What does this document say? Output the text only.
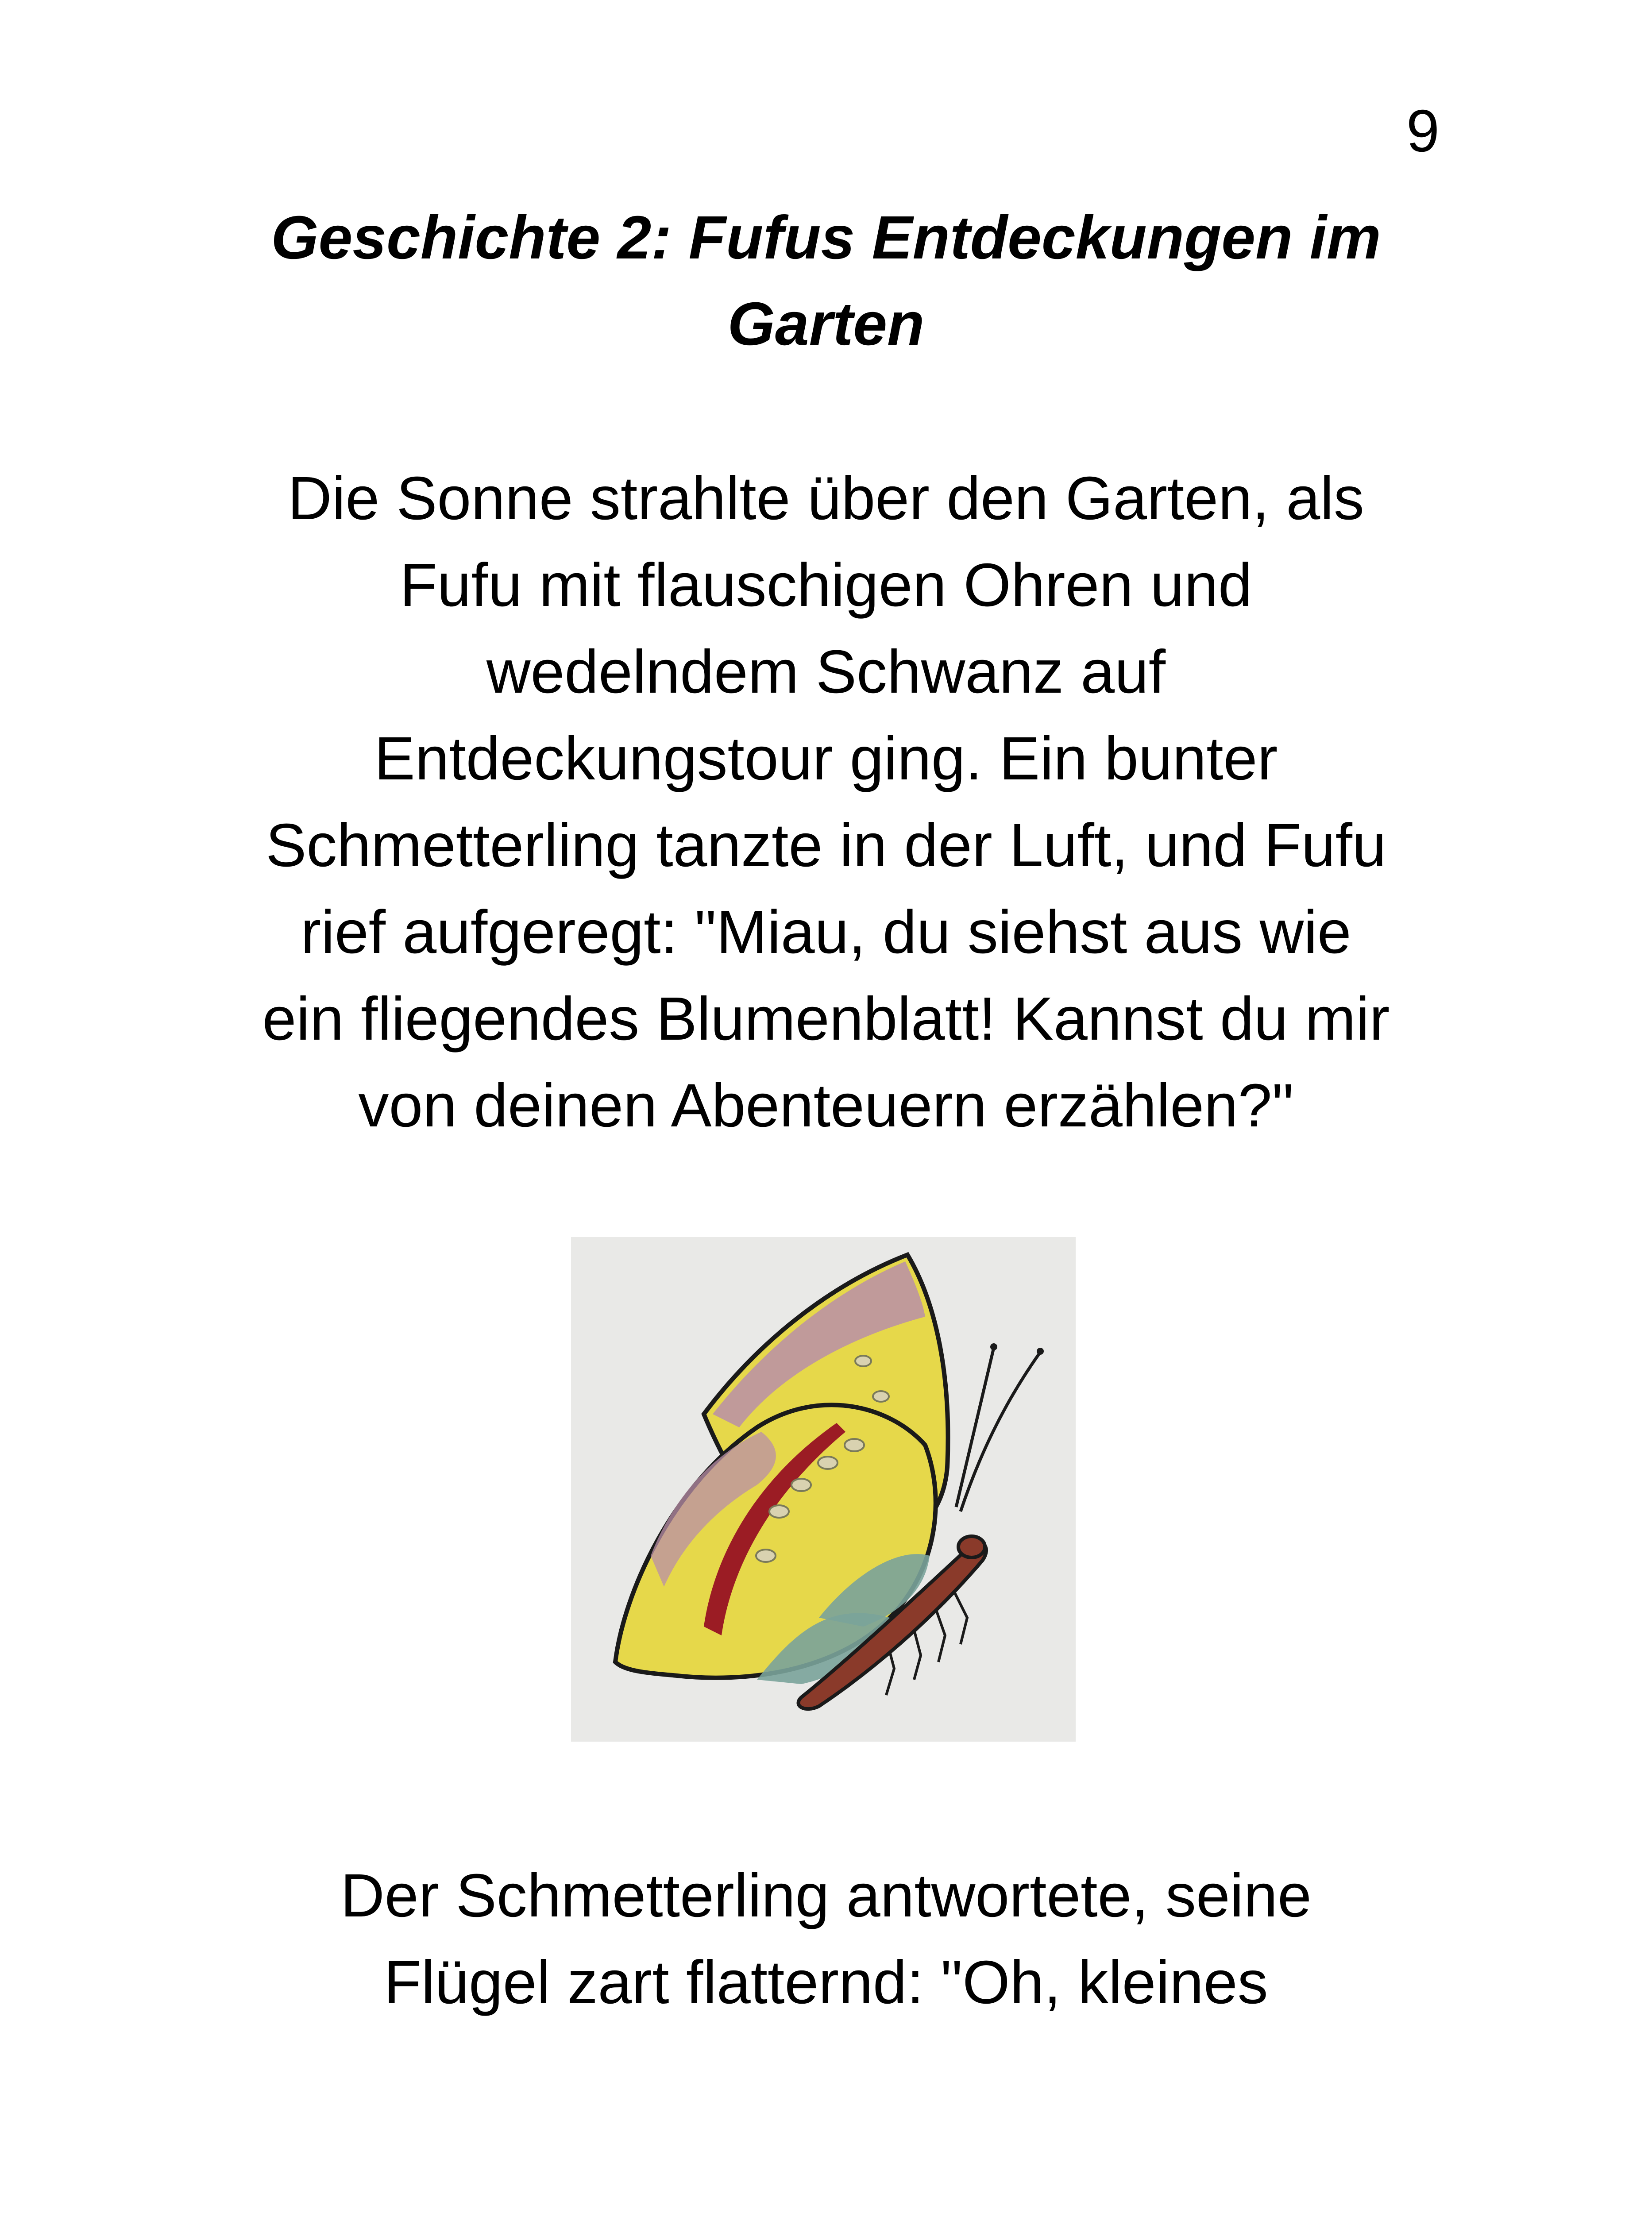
9
Geschichte 2: Fufus Entdeckungen im
Garten

Die Sonne strahlte über den Garten, als
Fufu mit flauschigen Ohren und
wedelndem Schwanz auf
Entdeckungstour ging. Ein bunter
Schmetterling tanzte in der Luft, und Fufu
rief aufgeregt: "Miau, du siehst aus wie
ein fliegendes Blumenblatt! Kannst du mir
von deinen Abenteuern erzählen?"

Der Schmetterling antwortete, seine
Flügel zart flatternd: "Oh, kleines
